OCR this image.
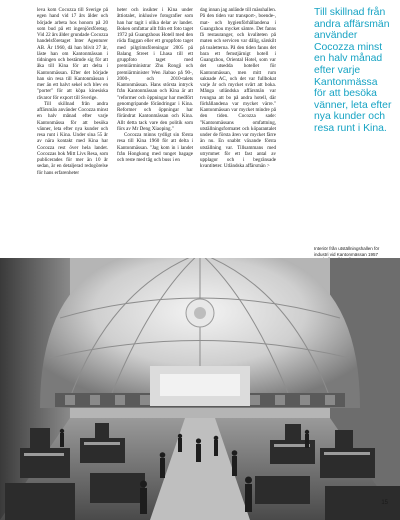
leva kom Cocozza till Sverige på egen hand vid 17 års ålder och började arbeta hos honom på 20 som bud på ett ingenjörsföretag. Vid 22 års ålder grundade Cocozza handelsföretaget Inter Agenturer AB. År 1960, då han blivit 27 år, läste han om Kantonmässan i tidningen och bestämde sig för att åka till Kina för att delta i Kantonmässan. Efter det började han sin resa till Kantonmässan i mer än ett halvt sekel och blev en "porter" för att köpa kinesiska råvaror för export till Sverige.

Till skillnad från andra affärsmän använder Cocozza minst en halv månad efter varje Kantonmässa för att besöka vänner, leta efter nya kunder och resa runt i Kina. Under sina 55 år av nära kontakt med Kina har Cocozza rest över hela landet. Cocozzas bok Mitt Livs Resa, som publicerades för mer än 10 år sedan, är en detaljerad redogörelse för hans erfarenheter

heter och insikter i Kina under åttiotalet, inklusive fotografier som han har tagit i olika delar av landet. Boken omfattar allt från ett foto taget 1972 på Guangzhous Hotell med den röda flaggan eller ett gruppfoto taget med pilgrimsföreningar 2005 på Balang Street i Lhasa till ett gruppfoto taget med premiärministrar Zhu Rongji och premiärminister Wen Jiabao på 90-, 2000-, och 2010-talets Kantonmässan. Hans största intryck från Kantonmässan och Kina är att "reformer och öppningar har medfört genomgripande förändringar i Kina. Reformer och öppningar har förändrat Kantonmässan och Kina. Allt detta tack vare den politik som förs av Mr Deng Xiaoping."

Cocozza minns tydligt sin första resa till Kina 1960 för att delta i Kantonmässan. "Jag kom in i landet från Hongkong med tunget bagage och reste med tåg och buss i en

dag innan jag anlände till mässhallen. På den tiden var transport-, boende-, mat- och hygienförhållandena i Guangzhou mycket sämre. Det fanns få restauranger, och kvaliteten på maten och servicen var dålig, särskilt på toaletterna. På den tiden fanns det bara ett femstjärnigt hotell i Guangzhou, Oriental Hotel, som var det utsedda hotellet för Kantonmässan, men mitt rum saknade AC, och det var fullbokat varje år och mycket svårt att boka. Många utländska affärsmän var tvungna att bo på andra hotell, där förhållandena var mycket värre." Kantonmässan var mycket mindre på den tiden. Cocozza sade: "Kantonmässans omfattning, utställningsformatet och köparantalet under de första åren var mycket färre än nu. En snabbt växande första utställning var. Tillsammans med utrymmet för ett fast antal av upplagor och i begränsade kvantiteter. Utländska affärsmän >

Till skillnad från andra affärsmän använder Cocozza minst en halv månad efter varje Kantonmässa för att besöka vänner, leta efter nya kunder och resa runt i Kina.
Interiör från utställningshallen för industri vid Kantonmässan 1957

15
